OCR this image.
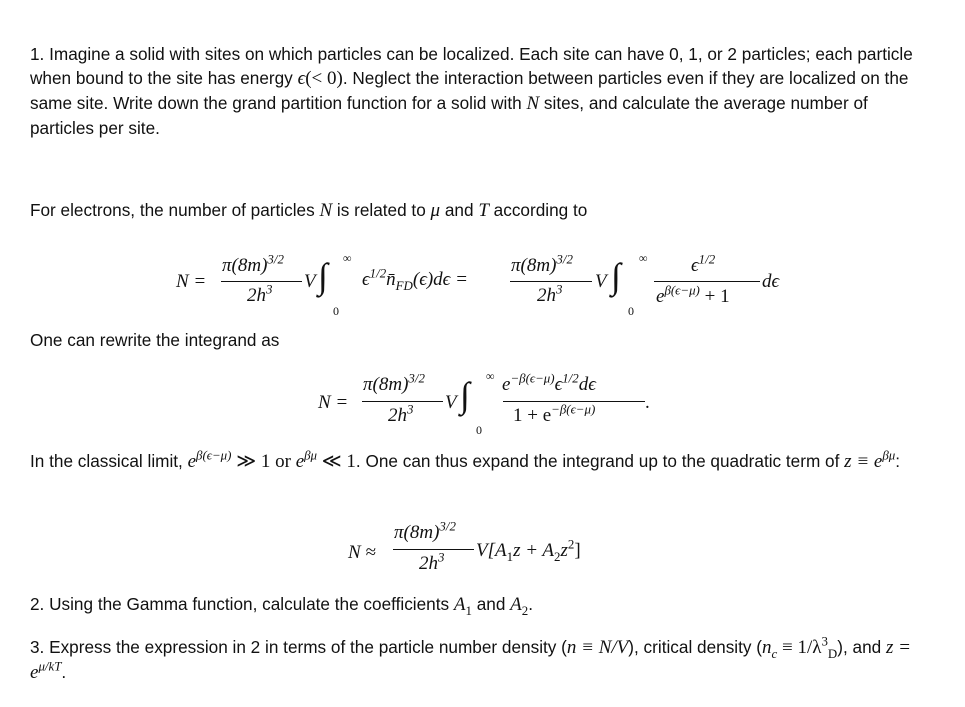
1. Imagine a solid with sites on which particles can be localized. Each site can have 0, 1, or 2 particles; each particle when bound to the site has energy ϵ(< 0). Neglect the interaction between particles even if they are localized on the same site. Write down the grand partition function for a solid with N sites, and calculate the average number of particles per site.

For electrons, the number of particles N is related to μ and T according to

N =
$\pi(8m)^{3/2}$
$2h^3$ V ∫ ∞
0
$\epsilon^{1/2}n̄_{FD}(\epsilon)d\epsilon$ =
$\pi(8m)^{3/2}$
$2h^3$ V ∫ ∞
0
$\epsilon^{1/2}$
$e^{\beta(\epsilon-\mu)} + 1$
dϵ
N =
$\pi(8m)^{3/2}$
$2h^3$ V ∫ ∞
0
$e^{-\beta(\epsilon-\mu)}\epsilon^{1/2}d\epsilon$
$1 + e^{-\beta(\epsilon-\mu)}$	.
N ≈
$\pi(8m)^{3/2}$
$2h^3$ $V[A_1z + A_2z^2]$

One can rewrite the integrand as

In the classical limit, $e^{\beta(\epsilon-\mu)}$ ≫ 1 or $e^{\beta\mu}$ ≪ 1. One can thus expand the integrand up to the quadratic term of $z \equiv e^{\beta\mu}$:

2. Using the Gamma function, calculate the coefficients $A_1$ and $A_2$.

3. Express the expression in 2 in terms of the particle number density (n ≡ N/V), critical density $(n_c \equiv 1/\lambda^3_D)$, and $z = e^{\mu/kT}$.
